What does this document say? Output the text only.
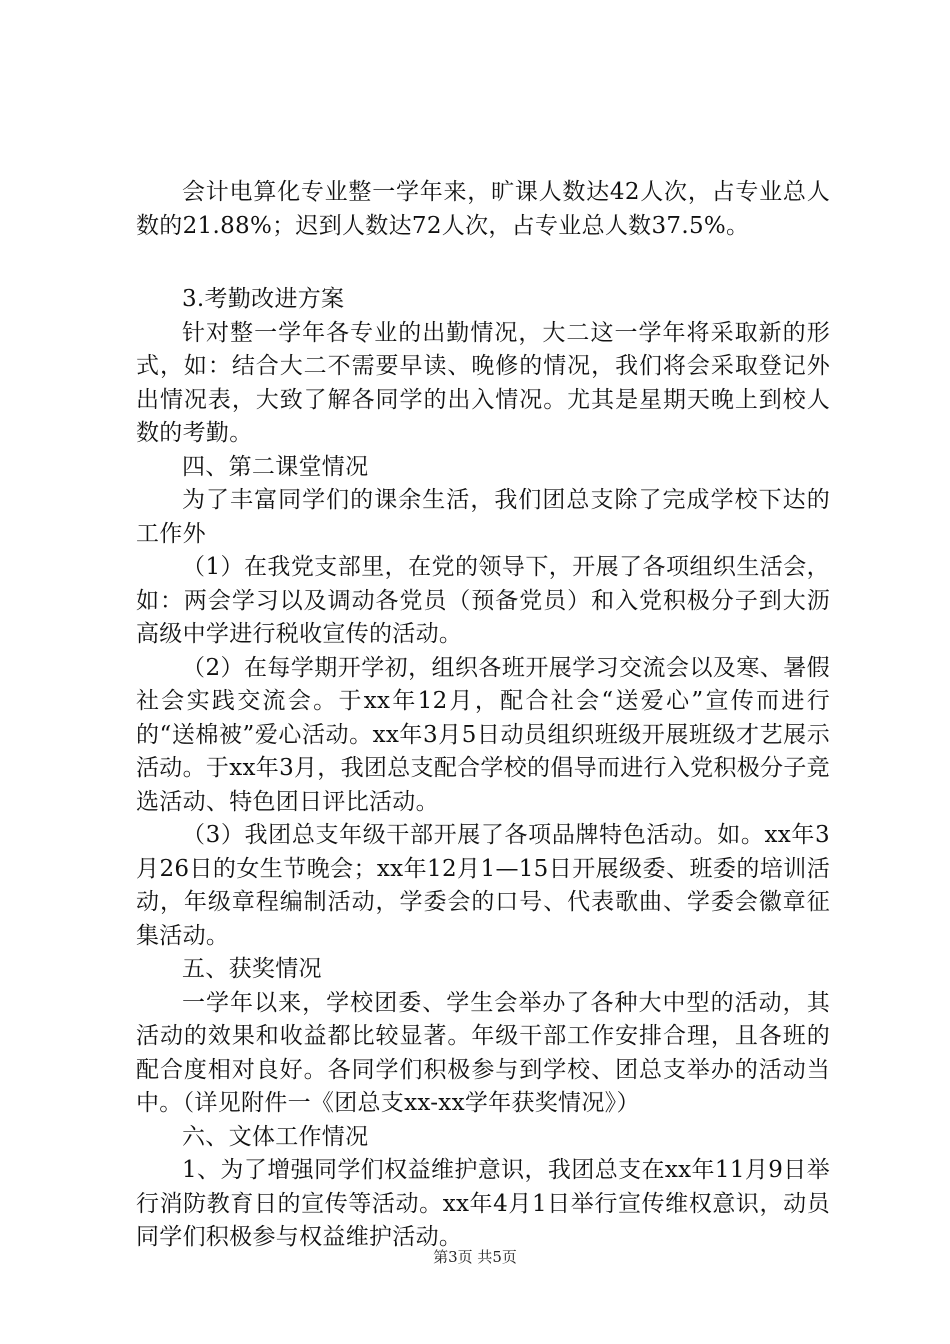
会计电算化专业整一学年来，旷课人数达42人次，占专业总人数的21.88%；迟到人数达72人次，占专业总人数37.5%。

3.考勤改进方案

针对整一学年各专业的出勤情况，大二这一学年将采取新的形式，如：结合大二不需要早读、晚修的情况，我们将会采取登记外出情况表，大致了解各同学的出入情况。尤其是星期天晚上到校人数的考勤。

四、第二课堂情况

为了丰富同学们的课余生活，我们团总支除了完成学校下达的工作外

（1）在我党支部里，在党的领导下，开展了各项组织生活会，如：两会学习以及调动各党员（预备党员）和入党积极分子到大沥高级中学进行税收宣传的活动。

（2）在每学期开学初，组织各班开展学习交流会以及寒、暑假社会实践交流会。于xx年12月，配合社会“送爱心”宣传而进行的“送棉被”爱心活动。xx年3月5日动员组织班级开展班级才艺展示活动。于xx年3月，我团总支配合学校的倡导而进行入党积极分子竞选活动、特色团日评比活动。

（3）我团总支年级干部开展了各项品牌特色活动。如。xx年3月26日的女生节晚会；xx年12月1—15日开展级委、班委的培训活动，年级章程编制活动，学委会的口号、代表歌曲、学委会徽章征集活动。

五、获奖情况

一学年以来，学校团委、学生会举办了各种大中型的活动，其活动的效果和收益都比较显著。年级干部工作安排合理，且各班的配合度相对良好。各同学们积极参与到学校、团总支举办的活动当中。（详见附件一《团总支xx-xx学年获奖情况》）

六、文体工作情况

1、为了增强同学们权益维护意识，我团总支在xx年11月9日举行消防教育日的宣传等活动。xx年4月1日举行宣传维权意识，动员同学们积极参与权益维护活动。

第3页 共5页
